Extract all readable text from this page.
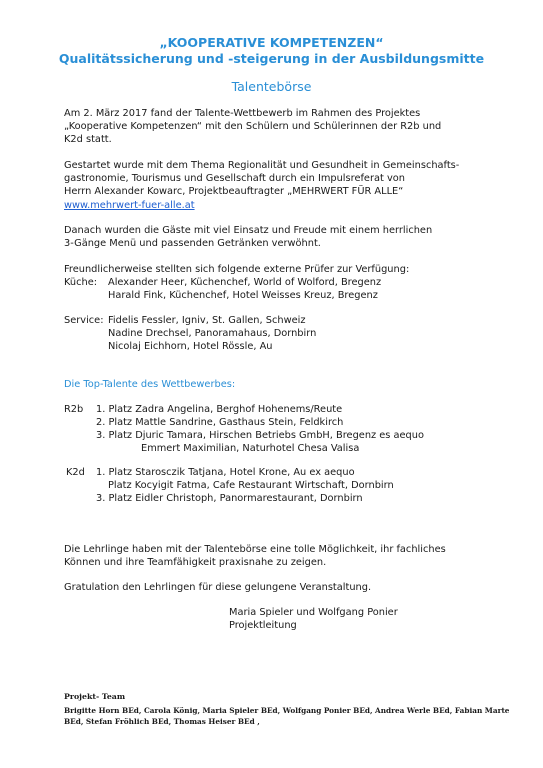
„KOOPERATIVE KOMPETENZEN“
Qualitätssicherung und -steigerung in der Ausbildungsmitte
Talentebörse
Am 2. März 2017 fand der Talente-Wettbewerb im Rahmen des Projektes
„Kooperative Kompetenzen“ mit den Schülern und Schülerinnen der R2b und
K2d statt.
Gestartet wurde mit dem Thema Regionalität und Gesundheit in Gemeinschafts-
gastronomie, Tourismus und Gesellschaft durch ein Impulsreferat von
Herrn Alexander Kowarc, Projektbeauftragter „MEHRWERT FÜR ALLE“
www.mehrwert-fuer-alle.at
Danach wurden die Gäste mit viel Einsatz und Freude mit einem herrlichen
3-Gänge Menü und passenden Getränken verwöhnt.
Freundlicherweise stellten sich folgende externe Prüfer zur Verfügung:
Küche: Alexander Heer, Küchenchef, World of Wolford, Bregenz
Harald Fink, Küchenchef, Hotel Weisses Kreuz, Bregenz
Service: Fidelis Fessler, Igniv, St. Gallen, Schweiz
Nadine Drechsel, Panoramahaus, Dornbirn
Nicolaj Eichhorn, Hotel Rössle, Au
Die Top-Talente des Wettbewerbes:
R2b 1. Platz Zadra Angelina, Berghof Hohenems/Reute
2. Platz Mattle Sandrine, Gasthaus Stein, Feldkirch
3. Platz Djuric Tamara, Hirschen Betriebs GmbH, Bregenz es aequo
Emmert Maximilian, Naturhotel Chesa Valisa
K2d 1. Platz Starosczik Tatjana, Hotel Krone, Au ex aequo
Platz Kocyigit Fatma, Cafe Restaurant Wirtschaft, Dornbirn
3. Platz Eidler Christoph, Panormarestaurant, Dornbirn
Die Lehrlinge haben mit der Talentebörse eine tolle Möglichkeit, ihr fachliches
Können und ihre Teamfähigkeit praxisnahe zu zeigen.
Gratulation den Lehrlingen für diese gelungene Veranstaltung.
Maria Spieler und Wolfgang Ponier
Projektleitung
Projekt- Team
Brigitte Horn BEd, Carola König, Maria Spieler BEd, Wolfgang Ponier BEd, Andrea Werle BEd, Fabian Marte
BEd, Stefan Fröhlich BEd, Thomas Heiser BEd ,
